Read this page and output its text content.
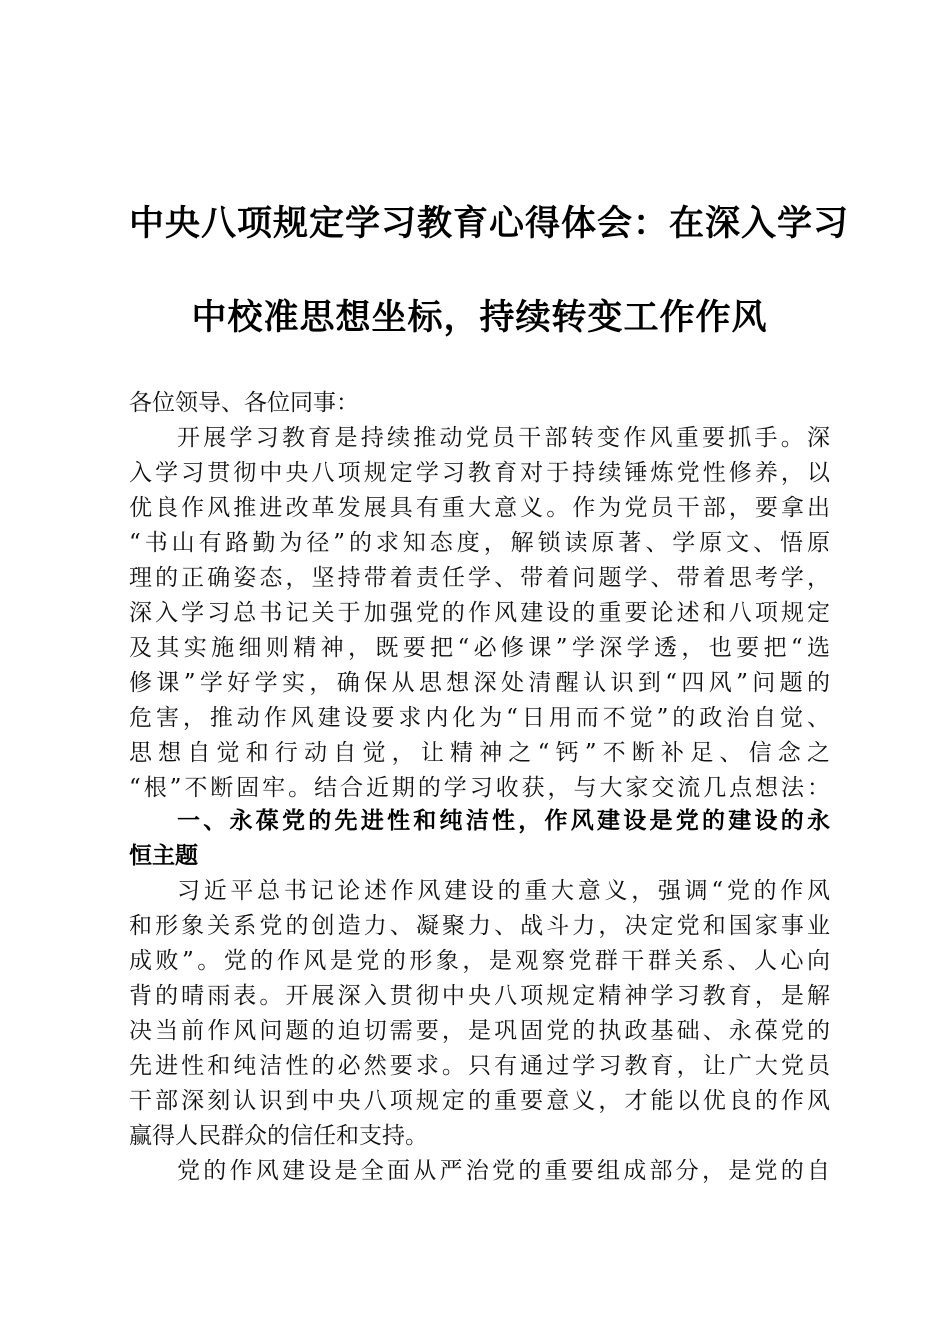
中央八项规定学习教育心得体会：在深入学习
中校准思想坐标，持续转变工作作风
各位领导、各位同事：
开展学习教育是持续推动党员干部转变作风重要抓手。深
入学习贯彻中央八项规定学习教育对于持续锤炼党性修养，以
优良作风推进改革发展具有重大意义。作为党员干部，要拿出
“书山有路勤为径”的求知态度，解锁读原著、学原文、悟原
理的正确姿态，坚持带着责任学、带着问题学、带着思考学，
深入学习总书记关于加强党的作风建设的重要论述和八项规定
及其实施细则精神，既要把“必修课”学深学透，也要把“选
修课”学好学实，确保从思想深处清醒认识到“四风”问题的
危害，推动作风建设要求内化为“日用而不觉”的政治自觉、
思想自觉和行动自觉，让精神之“钙”不断补足、信念之
“根”不断固牢。结合近期的学习收获，与大家交流几点想法：
一、永葆党的先进性和纯洁性，作风建设是党的建设的永
恒主题
习近平总书记论述作风建设的重大意义，强调“党的作风
和形象关系党的创造力、凝聚力、战斗力，决定党和国家事业
成败”。党的作风是党的形象，是观察党群干群关系、人心向
背的晴雨表。开展深入贯彻中央八项规定精神学习教育，是解
决当前作风问题的迫切需要，是巩固党的执政基础、永葆党的
先进性和纯洁性的必然要求。只有通过学习教育，让广大党员
干部深刻认识到中央八项规定的重要意义，才能以优良的作风
赢得人民群众的信任和支持。
党的作风建设是全面从严治党的重要组成部分，是党的自
